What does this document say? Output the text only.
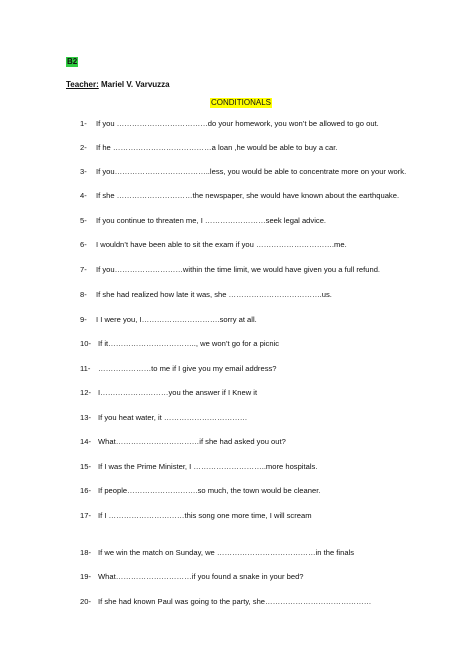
B2
Teacher: Mariel V. Varvuzza
CONDITIONALS
1- If you ………………………………do your homework, you won’t be allowed to go out.
2- If he …………………………………a loan ,he would be able to buy a car.
3- If you………………………………..less, you would be able to concentrate more on your work.
4- If she …………………………the newspaper, she would have known about the earthquake.
5- If you continue to threaten me, I ……………………seek legal advice.
6- I wouldn’t have been able to sit the exam if you ………………………….me.
7- If you………………………within the time limit, we would have given you a full refund.
8- If she had realized how late it was, she ……………………………….us.
9- I I were you, I………………………….sorry at all.
10- If it…………………………….., we won’t go for a picnic
11- …………………to me if I give you my email address?
12- I………………………you the answer if I Knew it
13- If you heat water, it ……………………………
14- What……………………………if she had asked you out?
15- If I was the Prime Minister, I ………………………..more hospitals.
16- If people……………………….so much, the town would be cleaner.
17- If I …………………………this song one more time, I will scream
18- If we win the match on Sunday, we …………………………………in the finals
19- What…………………………if you found a snake in your bed?
20- If she had known Paul was going to the party, she……………………………………
